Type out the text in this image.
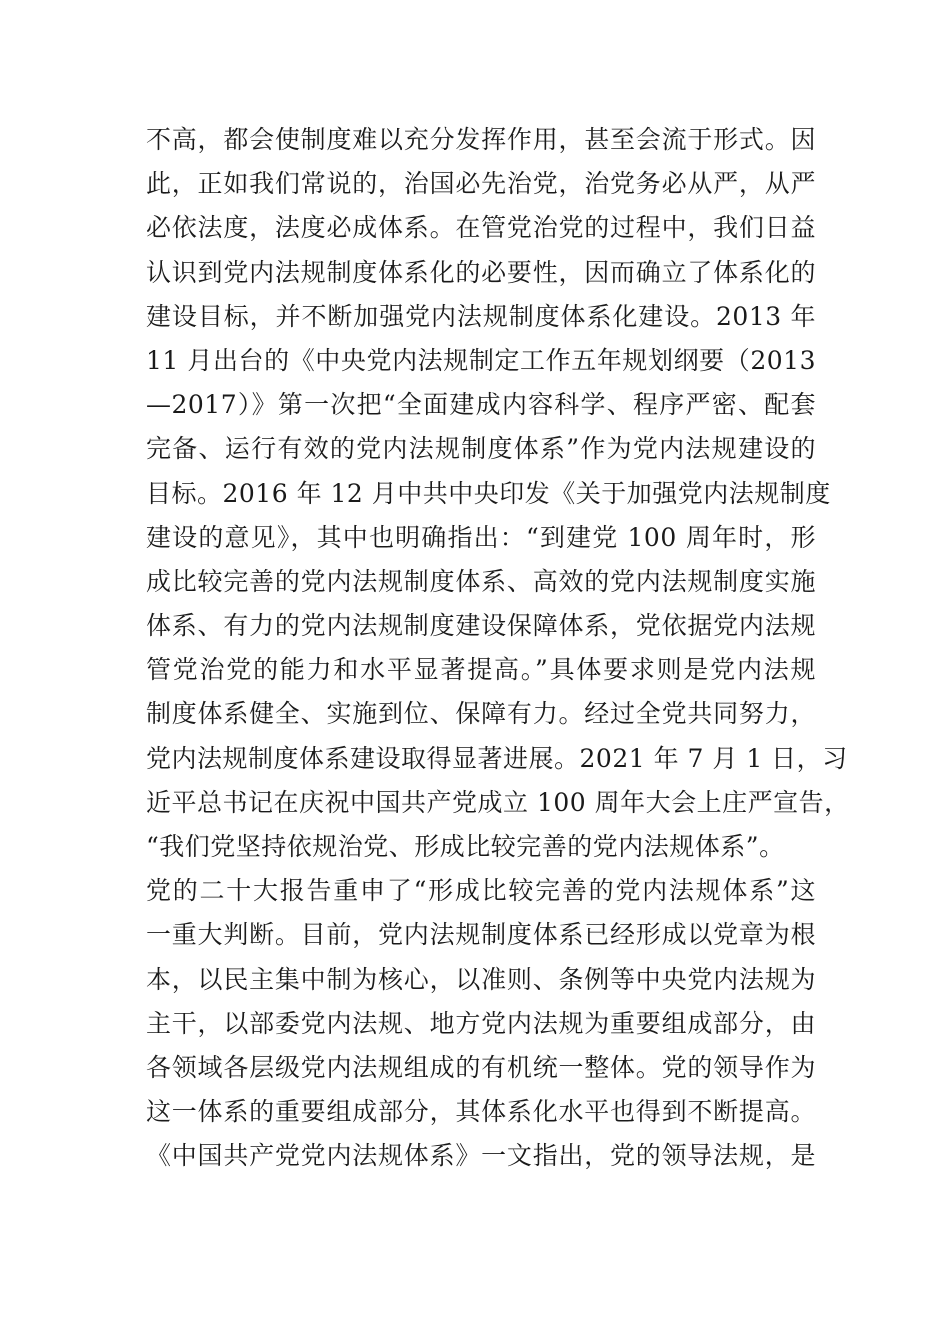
不高，都会使制度难以充分发挥作用，甚至会流于形式。因
此，正如我们常说的，治国必先治党，治党务必从严，从严
必依法度，法度必成体系。在管党治党的过程中，我们日益
认识到党内法规制度体系化的必要性，因而确立了体系化的
建设目标，并不断加强党内法规制度体系化建设。2013 年
11 月出台的《中央党内法规制定工作五年规划纲要（2013
—2017）》第一次把“全面建成内容科学、程序严密、配套
完备、运行有效的党内法规制度体系”作为党内法规建设的
目标。2016 年 12 月中共中央印发《关于加强党内法规制度
建设的意见》，其中也明确指出：“到建党 100 周年时，形
成比较完善的党内法规制度体系、高效的党内法规制度实施
体系、有力的党内法规制度建设保障体系，党依据党内法规
管党治党的能力和水平显著提高。”具体要求则是党内法规
制度体系健全、实施到位、保障有力。经过全党共同努力，
党内法规制度体系建设取得显著进展。2021 年 7 月 1 日，习
近平总书记在庆祝中国共产党成立 100 周年大会上庄严宣告，
“我们党坚持依规治党、形成比较完善的党内法规体系”。
党的二十大报告重申了“形成比较完善的党内法规体系”这
一重大判断。目前，党内法规制度体系已经形成以党章为根
本，以民主集中制为核心，以准则、条例等中央党内法规为
主干，以部委党内法规、地方党内法规为重要组成部分，由
各领域各层级党内法规组成的有机统一整体。党的领导作为
这一体系的重要组成部分，其体系化水平也得到不断提高。
《中国共产党党内法规体系》一文指出，党的领导法规，是
